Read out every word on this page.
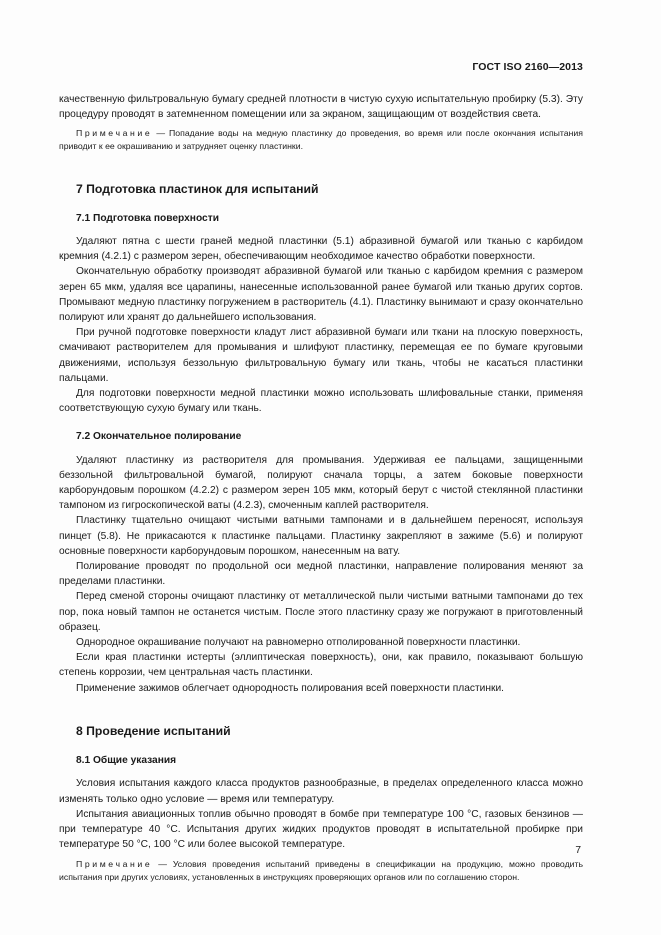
ГОСТ ISO 2160—2013

качественную фильтровальную бумагу средней плотности в чистую сухую испытательную пробирку (5.3). Эту процедуру проводят в затемненном помещении или за экраном, защищающим от воздействия света.

Примечание — Попадание воды на медную пластинку до проведения, во время или после окончания испытания приводит к ее окрашиванию и затрудняет оценку пластинки.

7 Подготовка пластинок для испытаний
7.1 Подготовка поверхности

Удаляют пятна с шести граней медной пластинки (5.1) абразивной бумагой или тканью с карбидом кремния (4.2.1) с размером зерен, обеспечивающим необходимое качество обработки поверхности.

Окончательную обработку производят абразивной бумагой или тканью с карбидом кремния с размером зерен 65 мкм, удаляя все царапины, нанесенные использованной ранее бумагой или тканью других сортов. Промывают медную пластинку погружением в растворитель (4.1). Пластинку вынимают и сразу окончательно полируют или хранят до дальнейшего использования.

При ручной подготовке поверхности кладут лист абразивной бумаги или ткани на плоскую поверхность, смачивают растворителем для промывания и шлифуют пластинку, перемещая ее по бумаге круговыми движениями, используя беззольную фильтровальную бумагу или ткань, чтобы не касаться пластинки пальцами.

Для подготовки поверхности медной пластинки можно использовать шлифовальные станки, применяя соответствующую сухую бумагу или ткань.

7.2 Окончательное полирование

Удаляют пластинку из растворителя для промывания. Удерживая ее пальцами, защищенными беззольной фильтровальной бумагой, полируют сначала торцы, а затем боковые поверхности карборундовым порошком (4.2.2) с размером зерен 105 мкм, который берут с чистой стеклянной пластинки тампоном из гигроскопической ваты (4.2.3), смоченным каплей растворителя.

Пластинку тщательно очищают чистыми ватными тампонами и в дальнейшем переносят, используя пинцет (5.8). Не прикасаются к пластинке пальцами. Пластинку закрепляют в зажиме (5.6) и полируют основные поверхности карборундовым порошком, нанесенным на вату.

Полирование проводят по продольной оси медной пластинки, направление полирования меняют за пределами пластинки.

Перед сменой стороны очищают пластинку от металлической пыли чистыми ватными тампонами до тех пор, пока новый тампон не останется чистым. После этого пластинку сразу же погружают в приготовленный образец.

Однородное окрашивание получают на равномерно отполированной поверхности пластинки.

Если края пластинки истерты (эллиптическая поверхность), они, как правило, показывают большую степень коррозии, чем центральная часть пластинки.

Применение зажимов облегчает однородность полирования всей поверхности пластинки.

8 Проведение испытаний
8.1 Общие указания

Условия испытания каждого класса продуктов разнообразные, в пределах определенного класса можно изменять только одно условие — время или температуру.

Испытания авиационных топлив обычно проводят в бомбе при температуре 100 °C, газовых бензинов — при температуре 40 °C. Испытания других жидких продуктов проводят в испытательной пробирке при температуре 50 °C, 100 °C или более высокой температуре.

Примечание — Условия проведения испытаний приведены в спецификации на продукцию, можно проводить испытания при других условиях, установленных в инструкциях проверяющих органов или по соглашению сторон.

7
